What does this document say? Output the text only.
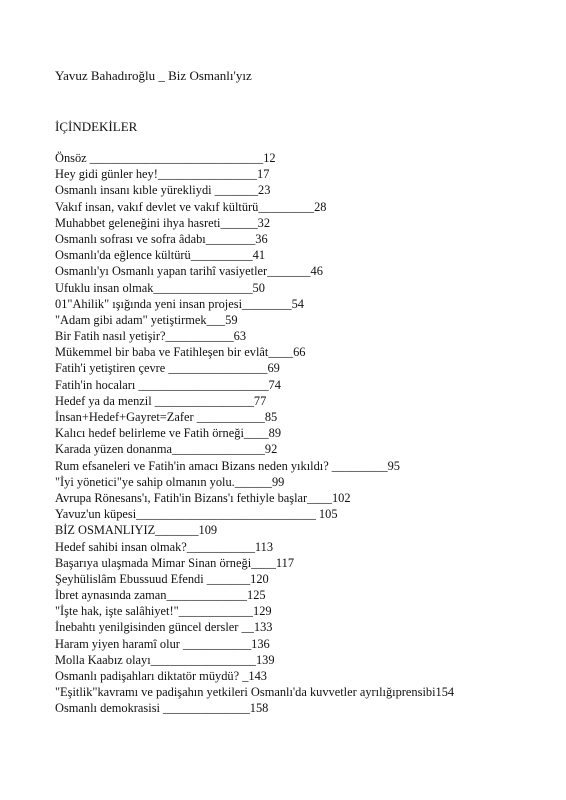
Yavuz Bahadıroğlu _ Biz Osmanlı'yız
İÇİNDEKİLER
Önsöz ____________________________12
Hey gidi günler hey!________________17
Osmanlı insanı kıble yürekliydi _______23
Vakıf insan, vakıf devlet ve vakıf kültürü_________28
Muhabbet geleneğini ihya hasreti______32
Osmanlı sofrası ve sofra âdabı________36
Osmanlı'da eğlence kültürü__________41
Osmanlı'yı Osmanlı yapan tarihî vasiyetler_______46
Ufuklu insan olmak________________50
01"Ahilik" ışığında yeni insan projesi________54
"Adam gibi adam" yetiştirmek___59
Bir Fatih nasıl yetişir?___________63
Mükemmel bir baba ve Fatihleşen bir evlât____66
Fatih'i yetiştiren çevre ________________69
Fatih'in hocaları _____________________74
Hedef ya da menzil ________________77
İnsan+Hedef+Gayret=Zafer ___________85
Kalıcı hedef belirleme ve Fatih örneği____89
Karada yüzen donanma_______________92
Rum efsaneleri ve Fatih'in amacı Bizans neden yıkıldı? _________95
"İyi yönetici"ye sahip olmanın yolu.______99
Avrupa Rönesans'ı, Fatih'in Bizans'ı fethiyle başlar____102
Yavuz'un küpesi_____________________________ 105
BİZ OSMANLIYIZ_______109
Hedef sahibi insan olmak?___________113
Başarıya ulaşmada Mimar Sinan örneği____117
Şeyhülislâm Ebussuud Efendi _______120
İbret aynasında zaman_____________125
"İşte hak, işte salâhiyet!"____________129
İnebahtı yenilgisinden güncel dersler __133
Haram yiyen haramî olur ___________136
Molla Kaabız olayı_________________139
Osmanlı padişahları diktatör müydü? _143
"Eşitlik"kavramı ve padişahın yetkileri Osmanlı'da kuvvetler ayrılığıprensibi154
Osmanlı demokrasisi ______________158
